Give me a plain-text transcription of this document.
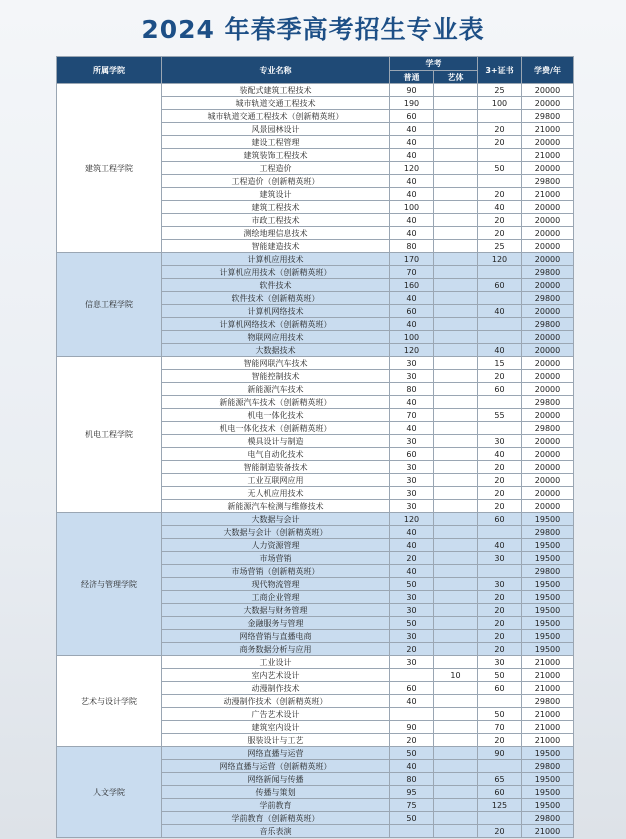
2024 年春季高考招生专业表
所属学院	专业名称	学考		3+证书	学费/年
		普通	艺体		
建筑工程学院	装配式建筑工程技术	90		25	20000
	城市轨道交通工程技术	190		100	20000
	城市轨道交通工程技术（创新精英班）	60			29800
	风景园林设计	40		20	21000
	建设工程管理	40		20	20000
	建筑装饰工程技术	40			21000
	工程造价	120		50	20000
	工程造价（创新精英班）	40			29800
	建筑设计	40		20	21000
	建筑工程技术	100		40	20000
	市政工程技术	40		20	20000
	测绘地理信息技术	40		20	20000
	智能建造技术	80		25	20000
信息工程学院	计算机应用技术	170		120	20000
	计算机应用技术（创新精英班）	70			29800
	软件技术	160		60	20000
	软件技术（创新精英班）	40			29800
	计算机网络技术	60		40	20000
	计算机网络技术（创新精英班）	40			29800
	物联网应用技术	100			20000
	大数据技术	120		40	20000
机电工程学院	智能网联汽车技术	30		15	20000
	智能控制技术	30		20	20000
	新能源汽车技术	80		60	20000
	新能源汽车技术（创新精英班）	40			29800
	机电一体化技术	70		55	20000
	机电一体化技术（创新精英班）	40			29800
	模具设计与制造	30		30	20000
	电气自动化技术	60		40	20000
	智能制造装备技术	30		20	20000
	工业互联网应用	30		20	20000
	无人机应用技术	30		20	20000
	新能源汽车检测与维修技术	30		20	20000
经济与管理学院	大数据与会计	120		60	19500
	大数据与会计（创新精英班）	40			29800
	人力资源管理	40		40	19500
	市场营销	20		30	19500
	市场营销（创新精英班）	40			29800
	现代物流管理	50		30	19500
	工商企业管理	30		20	19500
	大数据与财务管理	30		20	19500
	金融服务与管理	50		20	19500
	网络营销与直播电商	30		20	19500
	商务数据分析与应用	20		20	19500
艺术与设计学院	工业设计	30		30	21000
	室内艺术设计		10	50	21000
	动漫制作技术	60		60	21000
	动漫制作技术（创新精英班）	40			29800
	广告艺术设计			50	21000
	建筑室内设计	90		70	21000
	服装设计与工艺	20		20	21000
人文学院	网络直播与运营	50		90	19500
	网络直播与运营（创新精英班）	40			29800
	网络新闻与传播	80		65	19500
	传播与策划	95		60	19500
	学前教育	75		125	19500
	学前教育（创新精英班）	50			29800
	音乐表演			20	21000
